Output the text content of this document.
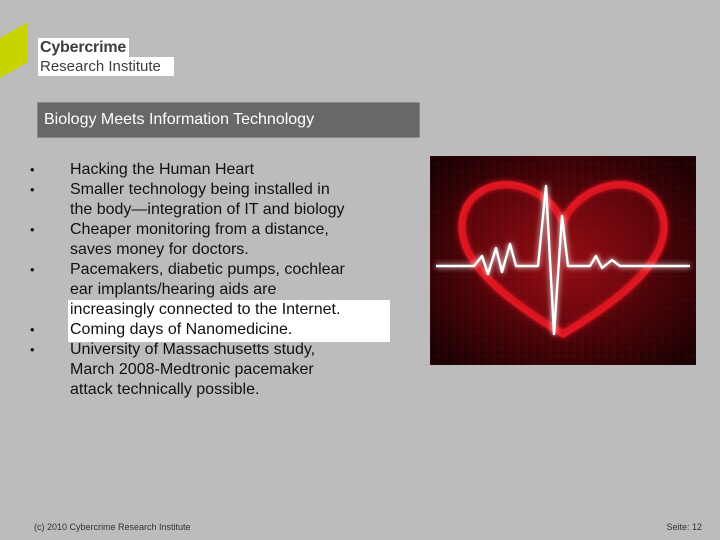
Cybercrime
Research Institute
Biology Meets Information Technology
•	Hacking the Human Heart
•	Smaller technology being installed in
the body—integration of IT and biology
•	Cheaper monitoring from a distance,
saves money for doctors.
•	Pacemakers, diabetic pumps, cochlear
ear implants/hearing aids are
increasingly connected to the Internet.
•	Coming days of Nanomedicine.
•	University of Massachusetts study,
March 2008-Medtronic pacemaker
attack technically possible.
(c) 2010 Cybercrime Research Institute	Seite: 12
